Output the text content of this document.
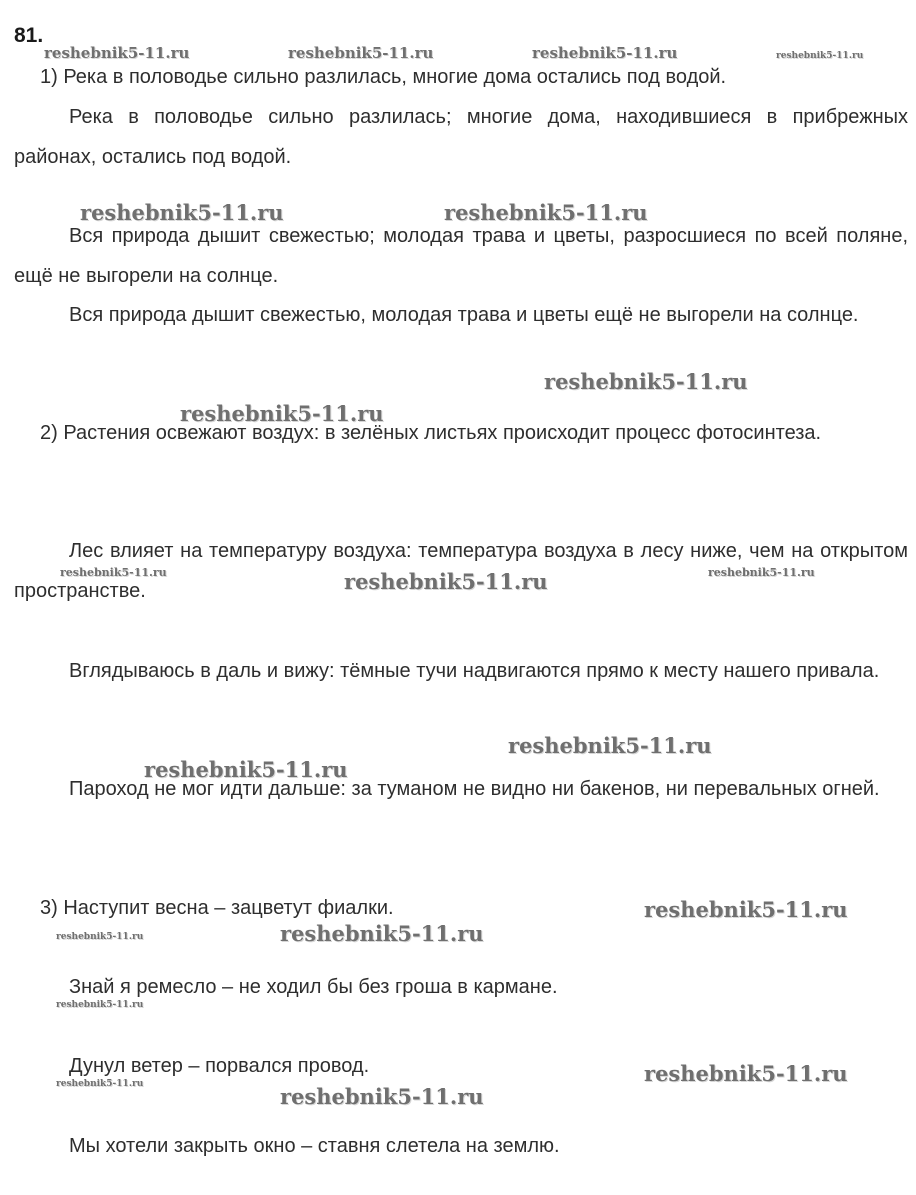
81.

1) Река в половодье сильно разлилась, многие дома остались под водой.

Река в половодье сильно разлилась; многие дома, находившиеся в прибрежных районах, остались под водой.

Вся природа дышит свежестью; молодая трава и цветы, разросшиеся по всей поляне, ещё не выгорели на солнце.

Вся природа дышит свежестью, молодая трава и цветы ещё не выгорели на солнце.

2) Растения освежают воздух: в зелёных листьях происходит процесс фотосинтеза.

Лес влияет на температуру воздуха: температура воздуха в лесу ниже, чем на открытом пространстве.

Вглядываюсь в даль и вижу: тёмные тучи надвигаются прямо к месту нашего привала.

Пароход не мог идти дальше: за туманом не видно ни бакенов, ни перевальных огней.

3) Наступит весна – зацветут фиалки.

Знай я ремесло – не ходил бы без гроша в кармане.

Дунул ветер – порвался провод.

Мы хотели закрыть окно – ставня слетела на землю.

reshebnik5-11.ru	reshebnik5-11.ru	reshebnik5-11.ru	reshebnik5-11.ru
reshebnik5-11.ru	reshebnik5-11.ru
reshebnik5-11.ru
reshebnik5-11.ru
reshebnik5-11.ru	reshebnik5-11.ru	reshebnik5-11.ru
reshebnik5-11.ru
reshebnik5-11.ru
reshebnik5-11.ru
reshebnik5-11.ru	reshebnik5-11.ru
reshebnik5-11.ru
reshebnik5-11.ru
reshebnik5-11.ru	reshebnik5-11.ru
